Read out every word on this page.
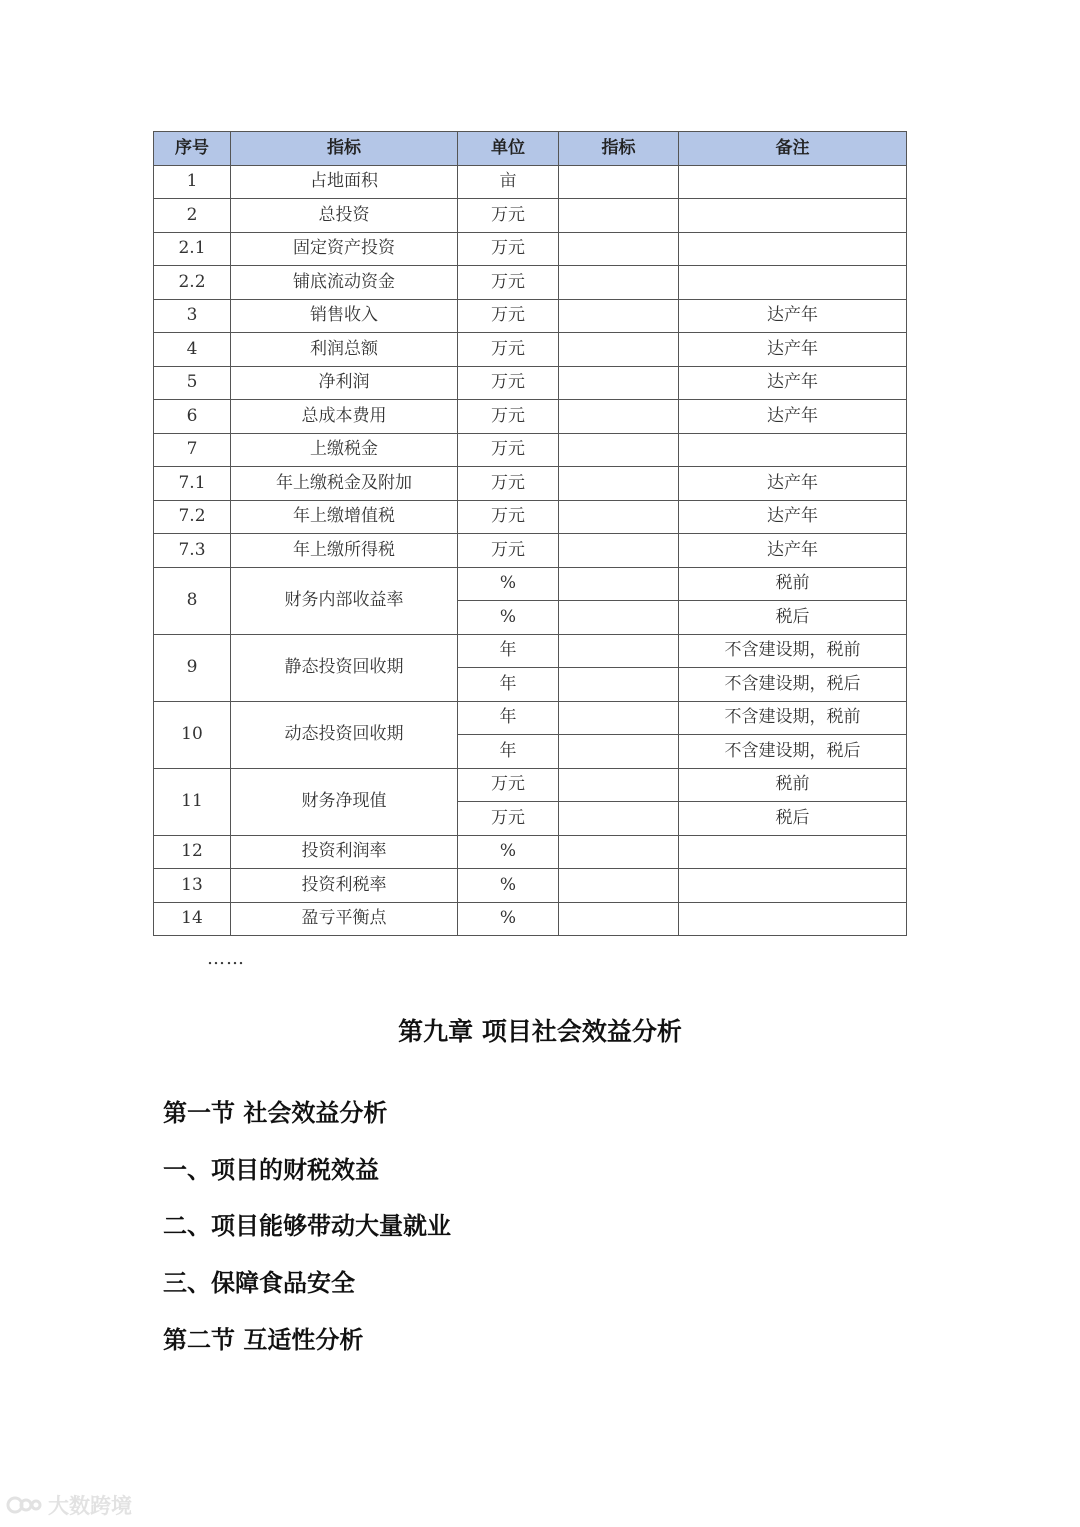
序号	指标	单位	指标	备注
1	占地面积	亩		
2	总投资	万元		
2.1	固定资产投资	万元		
2.2	铺底流动资金	万元		
3	销售收入	万元		达产年
4	利润总额	万元		达产年
5	净利润	万元		达产年
6	总成本费用	万元		达产年
7	上缴税金	万元		
7.1	年上缴税金及附加	万元		达产年
7.2	年上缴增值税	万元		达产年
7.3	年上缴所得税	万元		达产年
8	财务内部收益率	%		税前
		%		税后
9	静态投资回收期	年		不含建设期，税前
		年		不含建设期，税后
10	动态投资回收期	年		不含建设期，税前
		年		不含建设期，税后
11	财务净现值	万元		税前
		万元		税后
12	投资利润率	%		
13	投资利税率	%		
14	盈亏平衡点	%		
……
第九章 项目社会效益分析
第一节 社会效益分析
一、项目的财税效益
二、项目能够带动大量就业
三、保障食品安全
第二节 互适性分析
大数跨境
